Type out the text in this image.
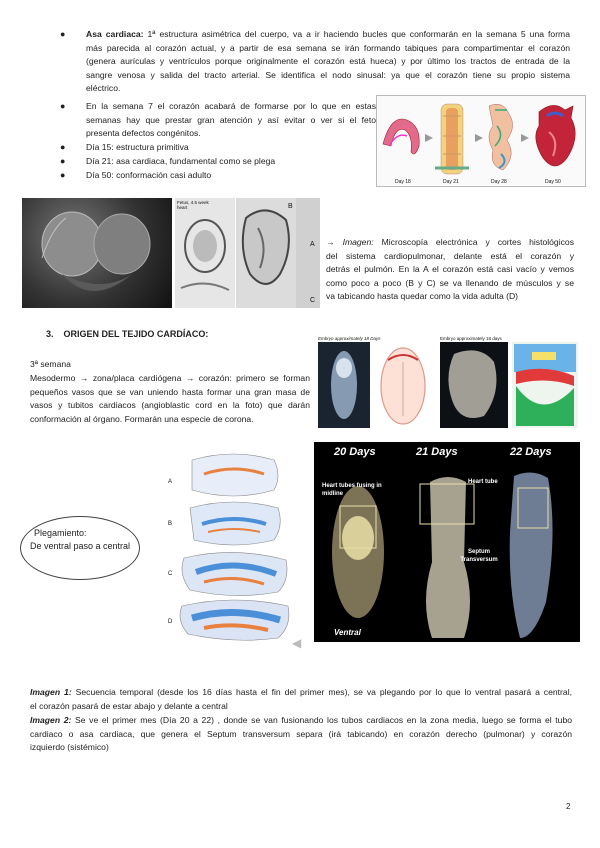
● Asa cardiaca: 1ª estructura asimétrica del cuerpo, va a ir haciendo bucles que conformarán en la semana 5 una forma
más parecida al corazón actual, y a partir de esa semana se irán formando tabiques para compartimentar el corazón
(genera aurículas y ventrículos porque originalmente el corazón está hueca) y por último los tractos de entrada de la
sangre venosa y salida del tracto arterial. Se identifica el nodo sinusal: ya que el corazón tiene su propio sistema
eléctrico.
● En la semana 7 el corazón acabará de formarse por lo que en estas
semanas hay que prestar gran atención y así evitar o ver si el feto
presenta defectos congénitos.
● Día 15: estructura primitiva
● Día 21: asa cardiaca, fundamental como se plega
● Día 50: conformación casi adulto
Day 18	Day 21	Day 28	Day 50
Fetus, 4.5 week heart	B
A
C
→ Imagen: Microscopía electrónica y cortes histológicos
del sistema cardiopulmonar, delante está el corazón y
detrás el pulmón. En la A el corazón está casi vacío y vemos
como poco a poco (B y C) se va llenando de músculos y se
va tabicando hasta quedar como la vida adulta (D)
3. ORIGEN DEL TEJIDO CARDÍACO:
3ª semana
Mesodermo → zona/placa cardiógena → corazón: primero se forman
pequeños vasos que se van uniendo hasta formar una gran masa de
vasos y tubitos cardiacos (angioblastic cord en la foto) que darán
conformación al órgano. Formarán una especie de corona.
Embryo approximately 18 Days	Embryo approximately 18 days
Plegamiento:
De ventral paso a central
A
B
C
D
◀
20 Days	21 Days	22 Days
Heart tubes fusing in midline
Heart tube
Septum Transversum
Ventral
Imagen 1: Secuencia temporal (desde los 16 días hasta el fin del primer mes), se va plegando por lo que lo ventral pasará a central,
el corazón pasará de estar abajo y delante a central
Imagen 2: Se ve el primer mes (Día 20 a 22) , donde se van fusionando los tubos cardiacos en la zona media, luego se forma el tubo
cardiaco o asa cardiaca, que genera el Septum transversum separa (irá tabicando) en corazón derecho (pulmonar) y corazón
izquierdo (sistémico)
2
